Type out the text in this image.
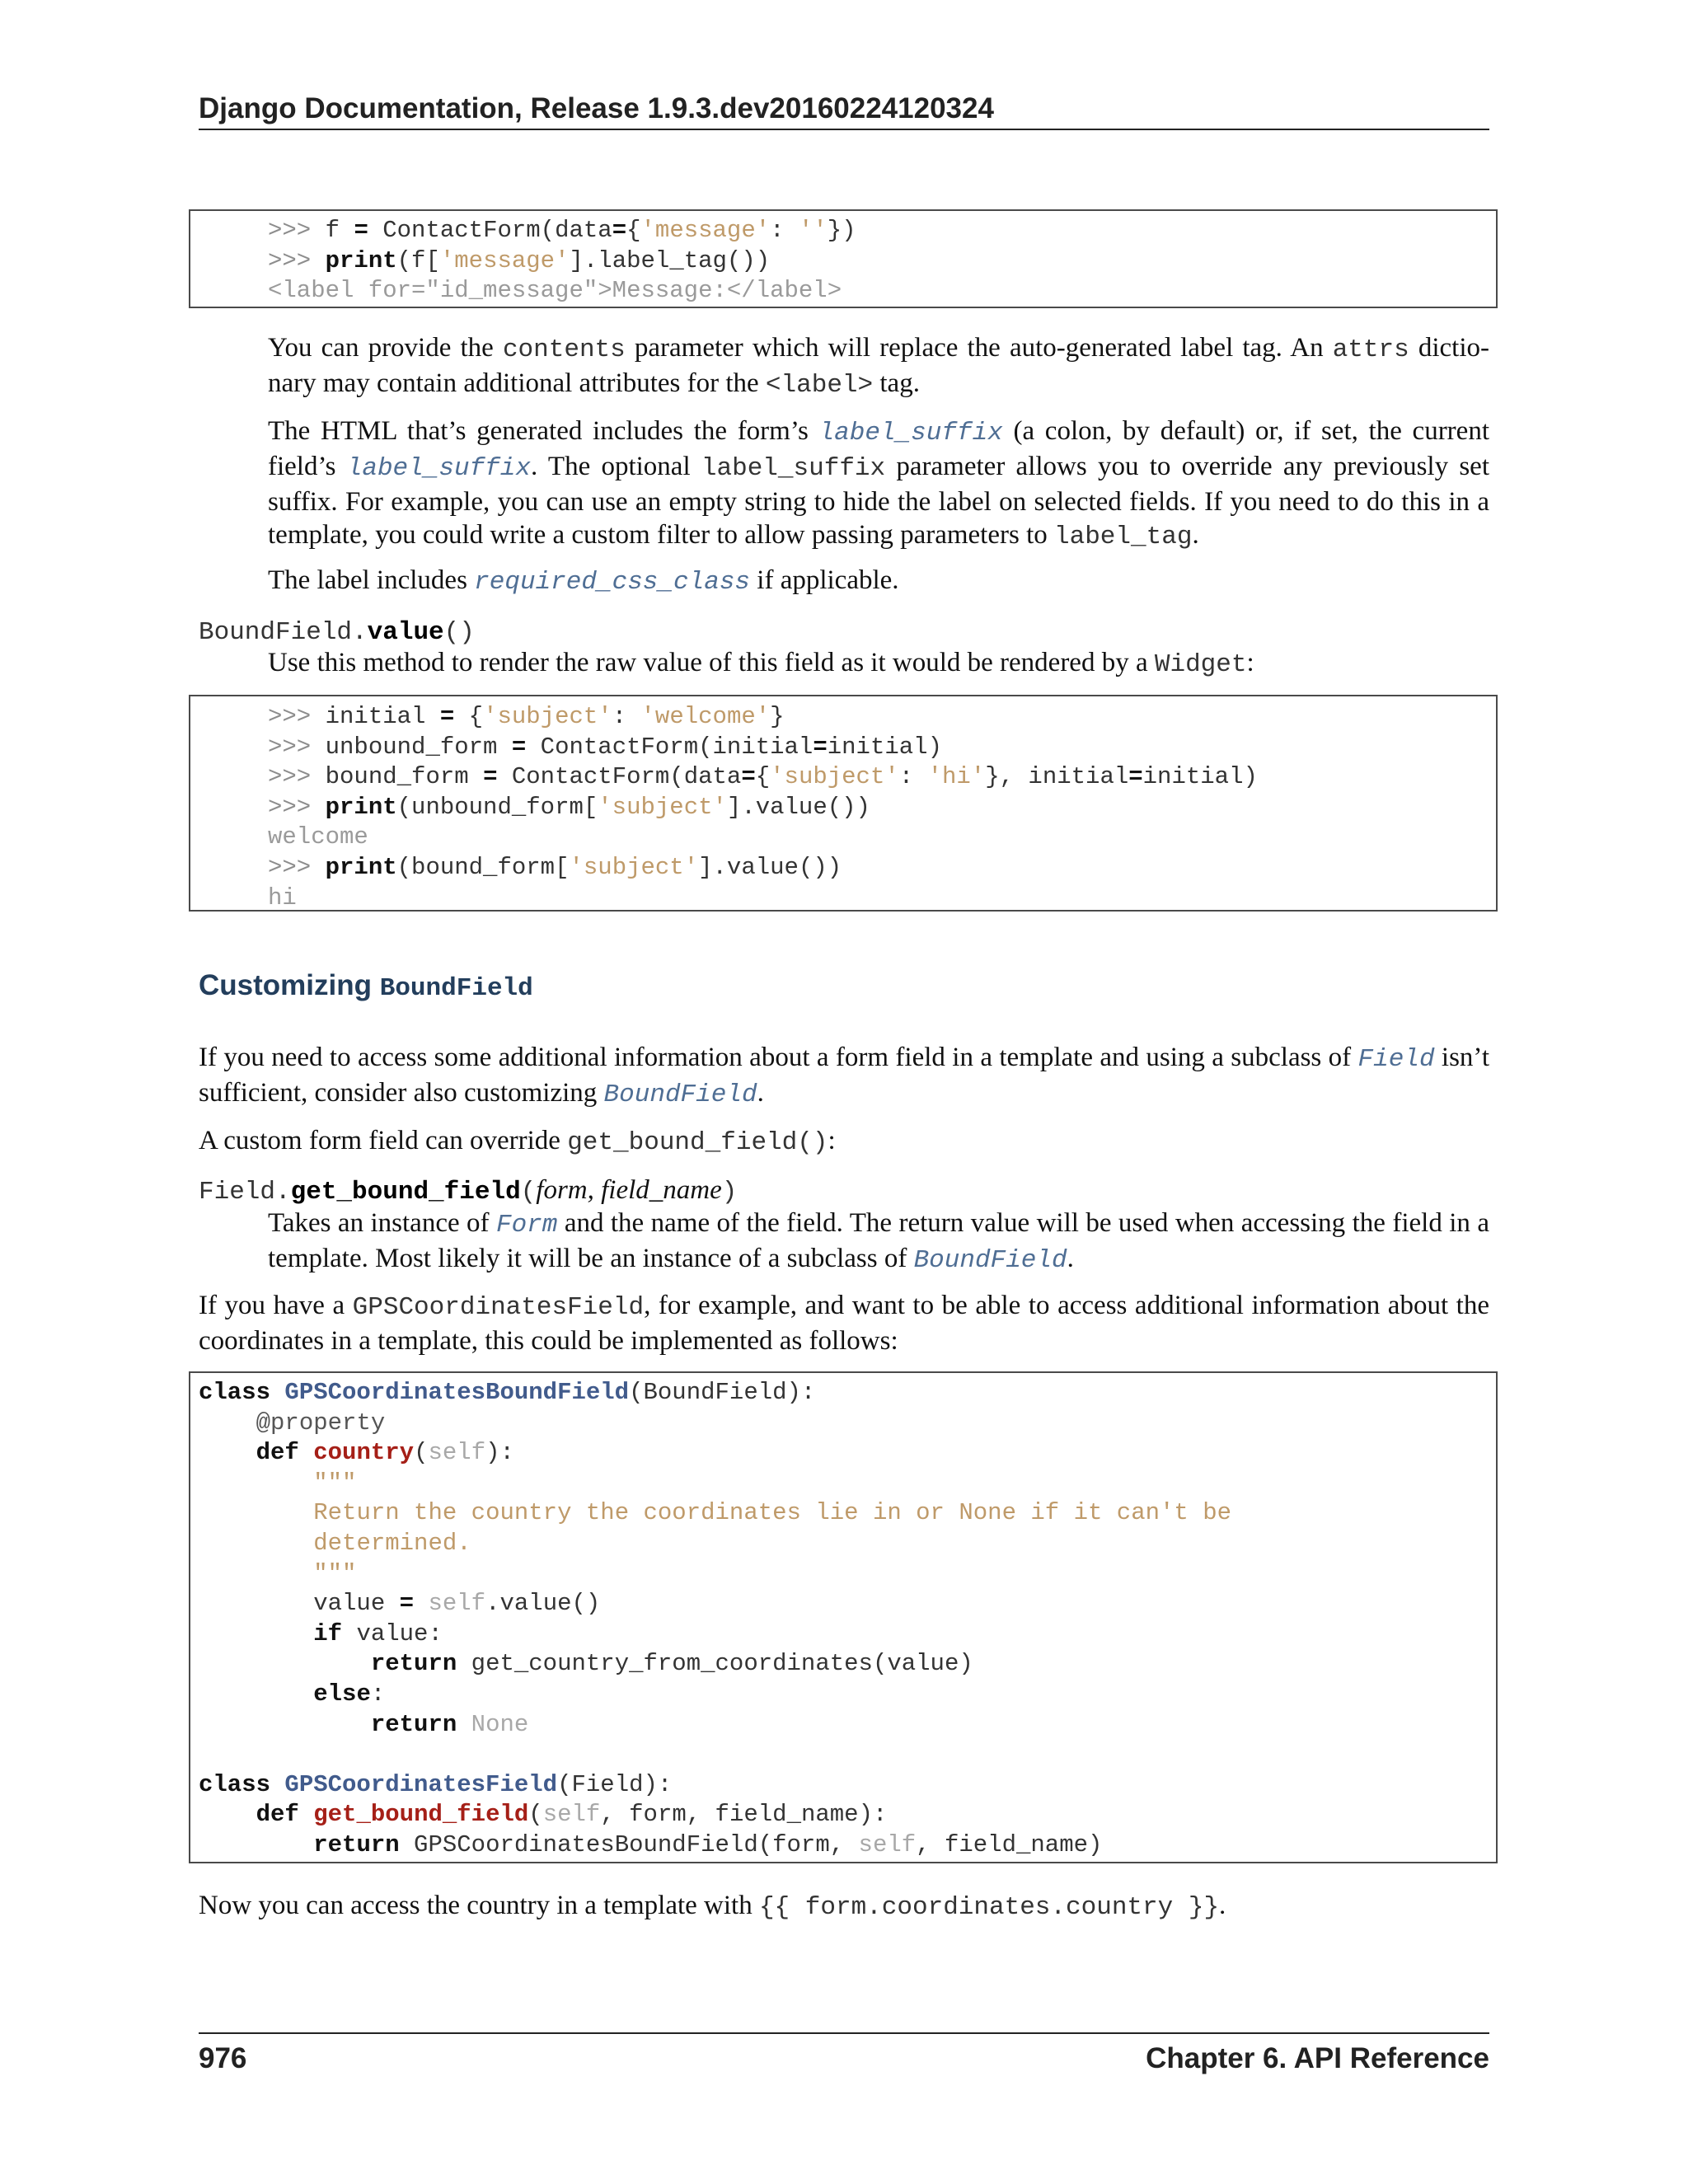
Django Documentation, Release 1.9.3.dev20160224120324
>>> f = ContactForm(data={'message': ''})
>>> print(f['message'].label_tag())
<label for="id_message">Message:</label>
You can provide the contents parameter which will replace the auto-generated label tag. An attrs dictio-nary may contain additional attributes for the <label> tag.
The HTML that’s generated includes the form’s label_suffix (a colon, by default) or, if set, the current field’s label_suffix. The optional label_suffix parameter allows you to override any previously set suffix. For example, you can use an empty string to hide the label on selected fields. If you need to do this in a template, you could write a custom filter to allow passing parameters to label_tag.
The label includes required_css_class if applicable.
BoundField.value()
Use this method to render the raw value of this field as it would be rendered by a Widget:
>>> initial = {'subject': 'welcome'}
>>> unbound_form = ContactForm(initial=initial)
>>> bound_form = ContactForm(data={'subject': 'hi'}, initial=initial)
>>> print(unbound_form['subject'].value())
welcome
>>> print(bound_form['subject'].value())
hi
Customizing BoundField
If you need to access some additional information about a form field in a template and using a subclass of Field isn’t sufficient, consider also customizing BoundField.
A custom form field can override get_bound_field():
Field.get_bound_field(form, field_name)
Takes an instance of Form and the name of the field. The return value will be used when accessing the field in a template. Most likely it will be an instance of a subclass of BoundField.
If you have a GPSCoordinatesField, for example, and want to be able to access additional information about the coordinates in a template, this could be implemented as follows:
class GPSCoordinatesBoundField(BoundField):
@property
def country(self):
"""
Return the country the coordinates lie in or None if it can't be
determined.
"""
value = self.value()
if value:
return get_country_from_coordinates(value)
else:
return None

class GPSCoordinatesField(Field):
def get_bound_field(self, form, field_name):
return GPSCoordinatesBoundField(form, self, field_name)
Now you can access the country in a template with {{ form.coordinates.country }}.
976	Chapter 6. API Reference
